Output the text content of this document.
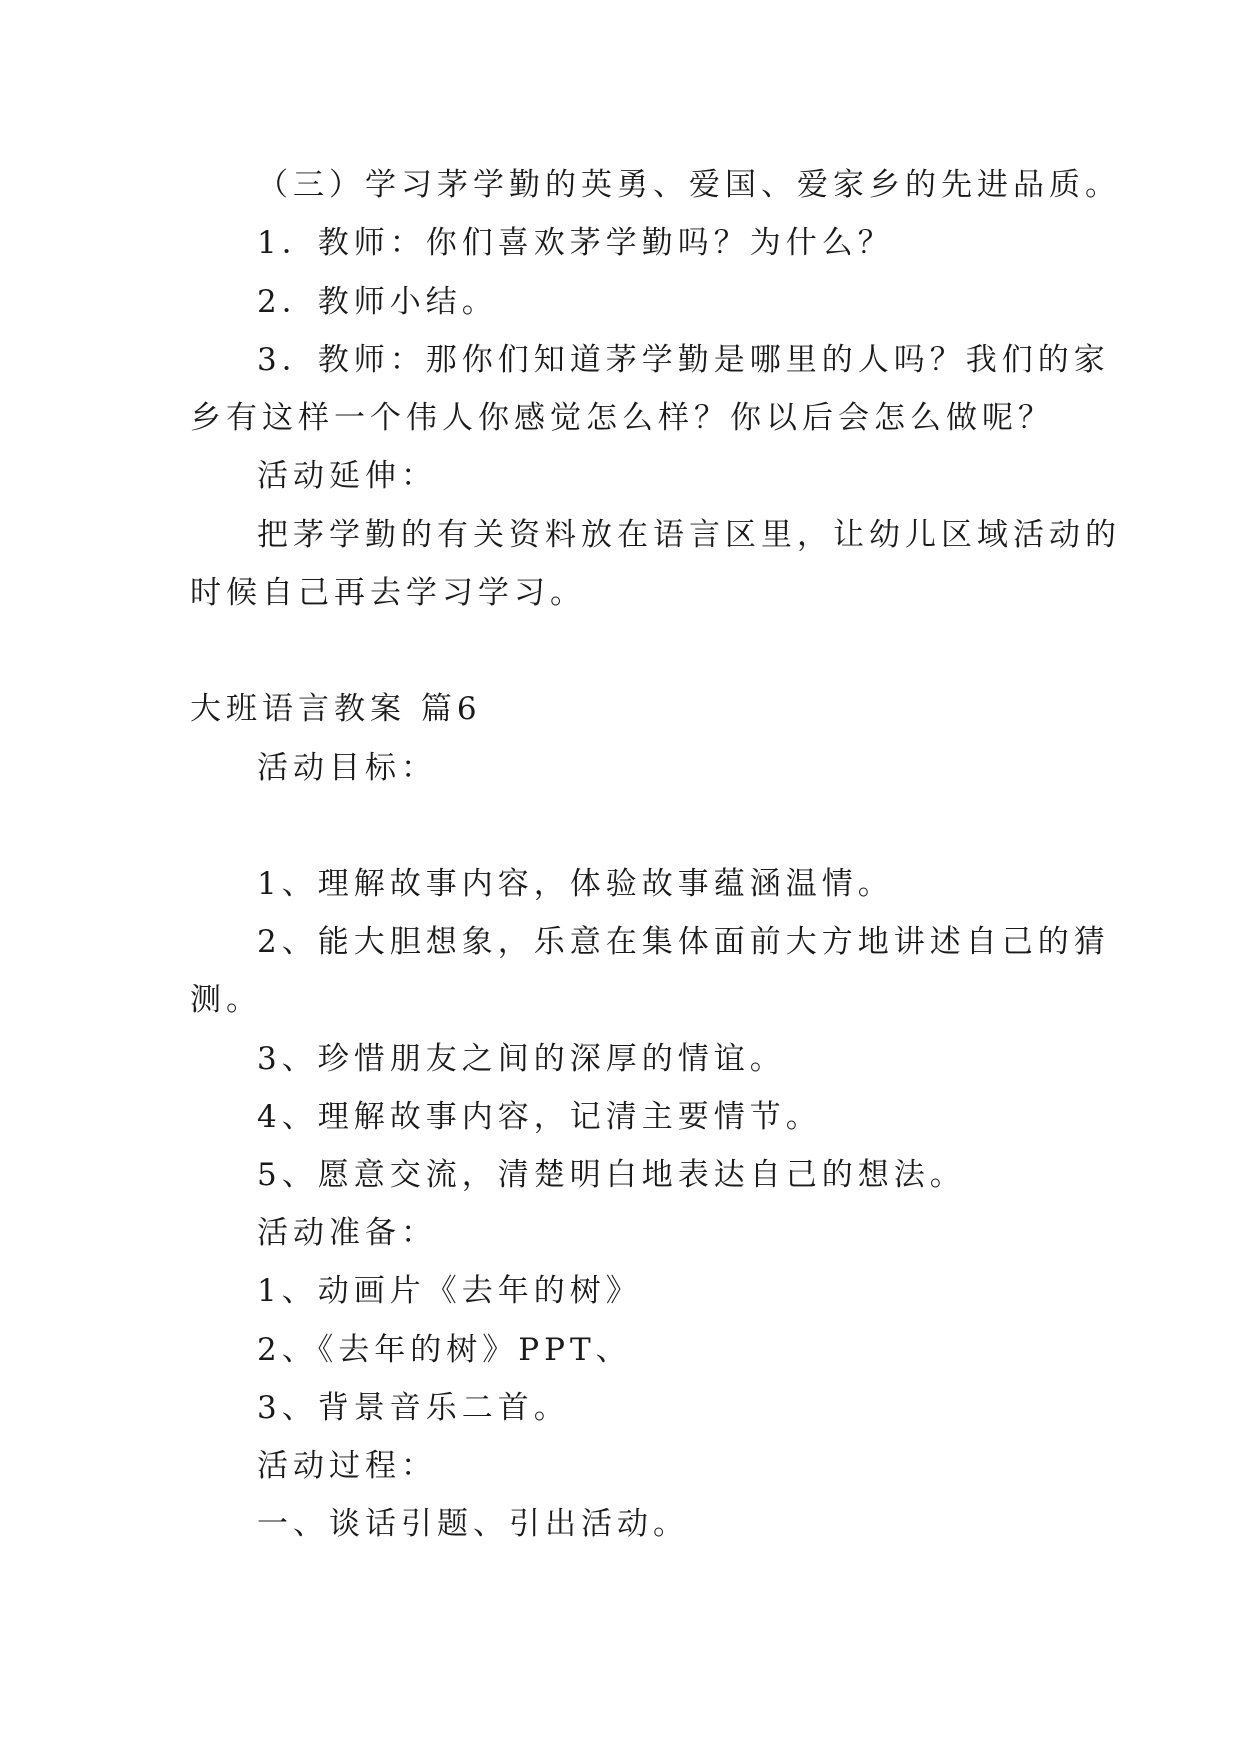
（三）学习茅学勤的英勇、爱国、爱家乡的先进品质。
1．教师：你们喜欢茅学勤吗？为什么？
2．教师小结。
3．教师：那你们知道茅学勤是哪里的人吗？我们的家
乡有这样一个伟人你感觉怎么样？你以后会怎么做呢？
活动延伸：
把茅学勤的有关资料放在语言区里，让幼儿区域活动的
时候自己再去学习学习。
大班语言教案 篇6
活动目标：
1、理解故事内容，体验故事蕴涵温情。
2、能大胆想象，乐意在集体面前大方地讲述自己的猜
测。
3、珍惜朋友之间的深厚的情谊。
4、理解故事内容，记清主要情节。
5、愿意交流，清楚明白地表达自己的想法。
活动准备：
1、动画片《去年的树》
2、《去年的树》PPT、
3、背景音乐二首。
活动过程：
一、谈话引题、引出活动。
